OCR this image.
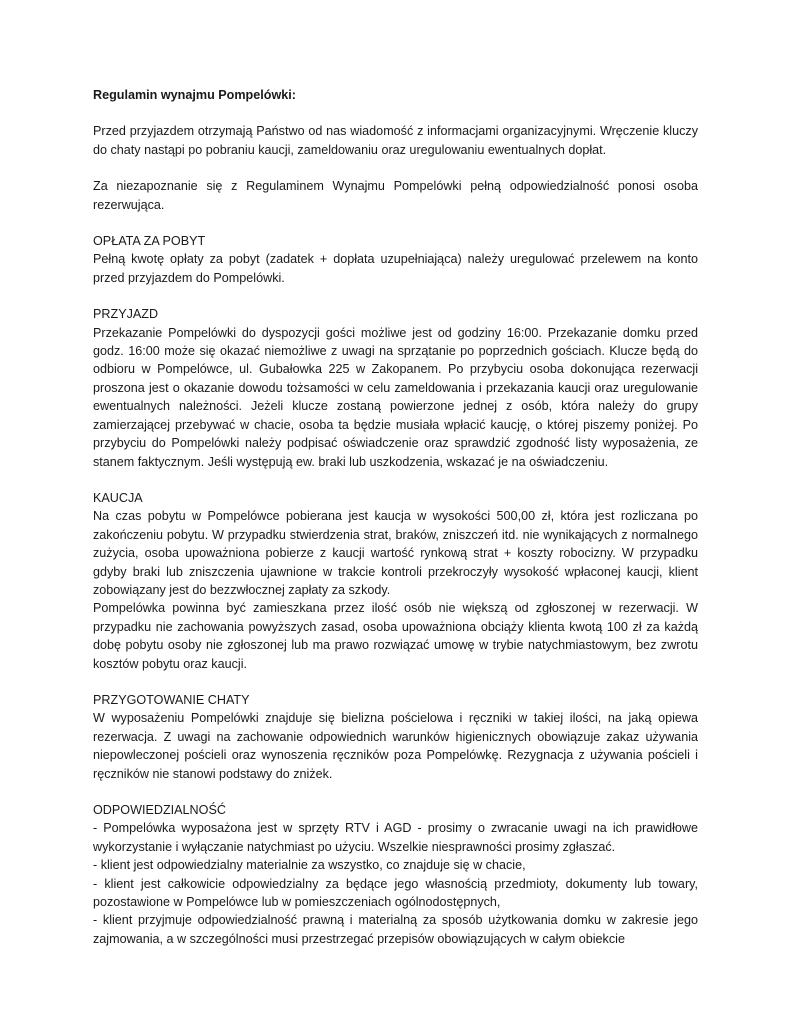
Regulamin wynajmu Pompelówki:

Przed przyjazdem otrzymają Państwo od nas wiadomość z informacjami organizacyjnymi. Wręczenie kluczy do chaty nastąpi po pobraniu kaucji, zameldowaniu oraz uregulowaniu ewentualnych dopłat.

Za niezapoznanie się z Regulaminem Wynajmu Pompelówki pełną odpowiedzialność ponosi osoba rezerwująca.

OPŁATA ZA POBYT

Pełną kwotę opłaty za pobyt (zadatek + dopłata uzupełniająca) należy uregulować przelewem na konto przed przyjazdem do Pompelówki.

PRZYJAZD

Przekazanie Pompelówki do dyspozycji gości możliwe jest od godziny 16:00. Przekazanie domku przed godz. 16:00 może się okazać niemożliwe z uwagi na sprzątanie po poprzednich gościach. Klucze będą do odbioru w Pompelówce, ul. Gubałowka 225 w Zakopanem. Po przybyciu osoba dokonująca rezerwacji proszona jest o okazanie dowodu tożsamości w celu zameldowania i przekazania kaucji oraz uregulowanie ewentualnych należności. Jeżeli klucze zostaną powierzone jednej z osób, która należy do grupy zamierzającej przebywać w chacie, osoba ta będzie musiała wpłacić kaucję, o której piszemy poniżej. Po przybyciu do Pompelówki należy podpisać oświadczenie oraz sprawdzić zgodność listy wyposażenia, ze stanem faktycznym. Jeśli występują ew. braki lub uszkodzenia, wskazać je na oświadczeniu.

KAUCJA

Na czas pobytu w Pompelówce pobierana jest kaucja w wysokości 500,00 zł, która jest rozliczana po zakończeniu pobytu. W przypadku stwierdzenia strat, braków, zniszczeń itd. nie wynikających z normalnego zużycia, osoba upoważniona pobierze z kaucji wartość rynkową strat + koszty robocizny. W przypadku gdyby braki lub zniszczenia ujawnione w trakcie kontroli przekroczyły wysokość wpłaconej kaucji, klient zobowiązany jest do bezzwłocznej zapłaty za szkody.

Pompelówka powinna być zamieszkana przez ilość osób nie większą od zgłoszonej w rezerwacji. W przypadku nie zachowania powyższych zasad, osoba upoważniona obciąży klienta kwotą 100 zł za każdą dobę pobytu osoby nie zgłoszonej lub ma prawo rozwiązać umowę w trybie natychmiastowym, bez zwrotu kosztów pobytu oraz kaucji.

PRZYGOTOWANIE CHATY

W wyposażeniu Pompelówki znajduje się bielizna pościelowa i ręczniki w takiej ilości, na jaką opiewa rezerwacja. Z uwagi na zachowanie odpowiednich warunków higienicznych obowiązuje zakaz używania niepowleczonej pościeli oraz wynoszenia ręczników poza Pompelówkę. Rezygnacja z używania pościeli i ręczników nie stanowi podstawy do zniżek.

ODPOWIEDZIALNOŚĆ

- Pompelówka wyposażona jest w sprzęty RTV i AGD - prosimy o zwracanie uwagi na ich prawidłowe wykorzystanie i wyłączanie natychmiast po użyciu. Wszelkie niesprawności prosimy zgłaszać.

- klient jest odpowiedzialny materialnie za wszystko, co znajduje się w chacie,

- klient jest całkowicie odpowiedzialny za będące jego własnością przedmioty, dokumenty lub towary, pozostawione w Pompelówce lub w pomieszczeniach ogólnodostępnych,

- klient przyjmuje odpowiedzialność prawną i materialną za sposób użytkowania domku w zakresie jego zajmowania, a w szczególności musi przestrzegać przepisów obowiązujących w całym obiekcie
